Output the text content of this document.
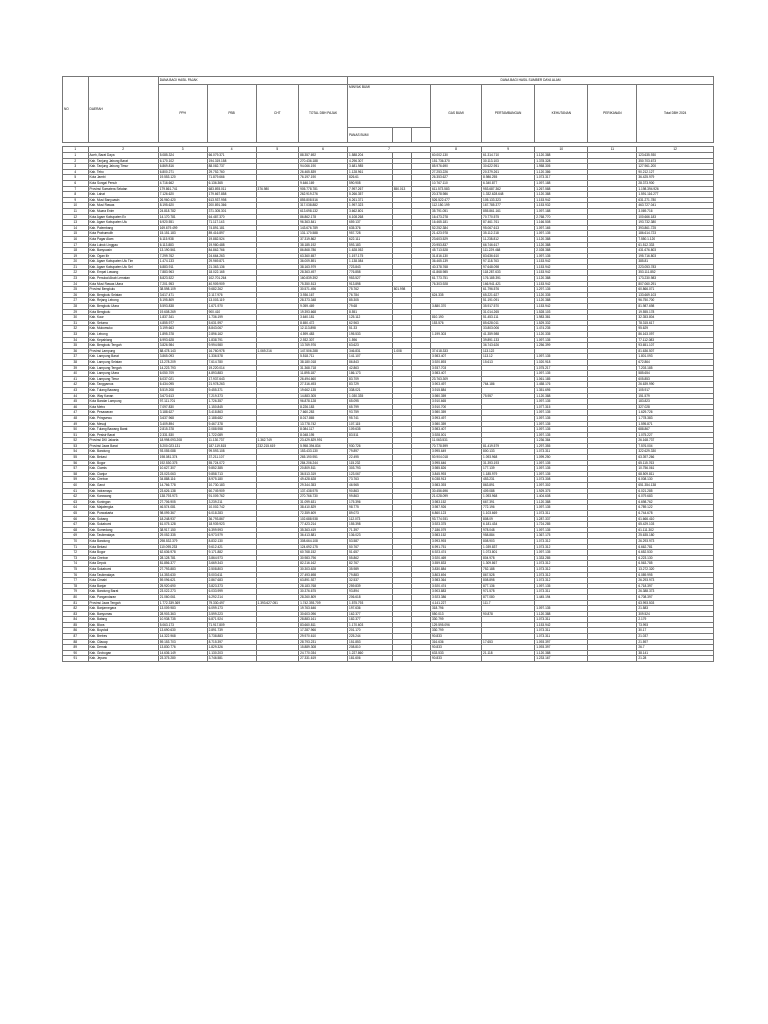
NO	DAERAH	DANA BAGI HASIL PAJAK				DANA BAGI HASIL SUMBER DAYA ALAM							
		PPH	PBB	CHT	TOTAL DBH PAJAK	MINYAK BUMI			GAS BUMI	PERTAMBANGAN	KEHUTANAN	PERIKANAN	Total DBH 2024
						PANAS BUMI							

1	2	3	4	5	6	7			8	9	10	11	12
1	Aceh, Barat Daya	5.085.324	66.079.371		88.357.692	1.588.204			60.002.130	61.314.710	1.120.388		123.635.930
2	Kab. Tanjung Jabung Barat	6.170.102	194.319.158		270.436.188	4.296.307			151.736.370	30.113.103	1.378.328		350.703.673
3	Kab. Tanjung Jabung Timur	6.869.816	88.082.737		94.066.190	3.681.985			85.976.690	30.622.951	1.958.305		127.961.200
4	Kab. Tebo	6.800.271	29.752.760		26.465.839	1.128.961			27.253.226	20.379.261	1.120.386		90.212.127
5	Kota Jambi	19.553.120	71.879.666		76.197.190	826.61			26.353.627	8.986.255	1.073.317		36.425.979
6	Kota Sungai Penuh	4.716.662	6.136.365		9.646.169	590.908			10.767.110	6.340.877	1.097.188		28.373.900
7	Provinsi Sumatera Selatan	179.861.741	683.893.011	376.980	905.778.781	7.997.267	850.013		611.573.583	953.687.362	1.267.588		1.198.394.926
8	Kab. Lahat	7.126.620	179.667.858		262.919.276	5.266.357			20.378.986	1.332.628.648	1.120.388		1.591.116.277
9	Kab. Musi Banyuasin	26.960.420	613.937.998		855.808.516	6.261.371			526.522.477	105.133.323	1.153.942		631.271.780
10	Kab. Musi Rawas	8.195.620	200.891.366		317.038.882	1.997.323			112.150.199	167.785.377	1.153.932		463.727.041
11	Kab. Muara Enim	24.818.782	371.305.301		613.698.132	3.662.801			35.791.051	855.861.161	1.097.188		3.069.716
12	Kota Agam Kabupaten Ex	14.170.781	64.487.370		86.862.178	6.108.268			16.473.278	70.770.575	2.768.770		100.666.183
13	Kab. Agam Kabupaten Ulu	6.920.551	71.117.143		96.363.841	659.137			16.465.181	87.461.761	1.166.508		193.732.380
14	Kab. Palembang	169.679.499	74.891.181		143.676.789	635.376			52.252.384	95.067.613	1.097.165		393.861.725
15	Kota Prabumulih	15.151.183	89.416.897		131.170.588	957.728			21.423.978	35.112.218	1.097.135		186.614.723
16	Kota Pagar Alam	6.115.938	19.882.524		37.319.862	622.111			23.603.529	11.238.812	1.120.388		7.550.1.120
17	Kota Lubuk Linggau	6.113.883	19.980.488		38.185.192	593.183			20.953.837	66.746.617	1.120.388		61.512.333
18	Kab. Banyuasin	13.190.561	84.862.766		86.868.786	1.628.052			45.713.528	111.229.468	2.028.388		431.676.803
19	Kab. Ogan Ilir	7.299.762	24.664.263		63.360.657	1.197.175			31.816.130	83.636.610	1.097.135		195.716.803
20	Kab. Agam Kabupaten Ulu Tim	1.474.133	29.969.871		36.009.891	1.138.084			36.465.139	97.118.763	1.153.942		385.81
21	Kab. Agam Kabupaten Ulu Sel	6.883.911	21.363.136		38.163.979	723.843			40.378.768	97.648.098	1.153.942		223.053.783
22	Kab. Empat Lawang	7.883.963	18.022.165		28.363.497	776.858			41.868.985	118.287.633	1.153.942		353.111.852
23	Kab. Penukal Abab Lematan	8.823.522	102.701.264		160.839.392	953.527			61.773.751	176.185.391	1.120.388		173.230.983
24	Kota Musi Rawas Utara	7.201.953	40.909.909		75.350.513	913.898			76.303.928	166.941.421	1.153.942		807.060.291
25	Provinsi Bengkulu	38.598.109	9.682.262		30.571.496	75.762	801.998			61.796.576	1.297.135		60.866.071
26	Kab. Bengkulu Selatan	3.617.471	2.117.976		3.936.167	76.784			624.335	65.221.627	1.120.335		133.669.103
27	Kab. Rejang Lebong	5.195.809	13.003.119		28.373.348	85.305				51.191.091	1.120.388		96.750.700
28	Kab. Bengkulu Utara	5.593.838	1.671.970		9.059.469	79.68			3.880.370	35.917.570	1.153.942		81.987.698
29	Kota Bengkulu	19.608.269	900.410		19.393.668	8.551				31.014.265	1.528.103		19.555.178
30	Kab. Kaur	1.837.341	1.736.199		3.640.181	125.112			810.190	51.453.111	1.983.381		32.353.804
31	Kab. Seluma	4.855.977	5.631.997		8.650.472	62.963			153.576	85.628.011	1.529.332		78.315.617
32	Kab. Mukomuko	3.199.663	8.843.067		12.113.898	51.33				33.803.006	1.474.235		95.629
33	Kab. Lebong	1.895.378	2.896.162		4.599.483	195.533			1.199.303	41.359.988	1.120.335		86.163.097
34	Kab. Kepahiang	6.993.628	1.838.791		2.932.307	1.596				39.891.133	1.097.135		77.112.083
35	Kab. Bengkulu Tengah	3.826.984	9.994.980		13.769.976	63.623				36.743.626	1.256.399		93.651.107
36	Provinsi Lampung	88.478.143	16.760.978	1.069.216	147.506.288	346.831	1.008		37.618.333	113.122			81.636.507
37	Kab. Lampung Barat	3.865.093	1.336.578		5.518.711	141.107			3.983.407	113.12	1.097.135		1.801.093
38	Kab. Lampung Selatan	13.278.209	7.614.780		38.180.018	86.843			3.920.893	15.613	1.020.918		672.864
39	Kab. Lampung Tengah	14.223.793	19.220.014		31.368.718	42.863			3.937.703		1.075.217		7.203.185
40	Kab. Lampung Utara	6.050.709	4.893.883		11.895.187	186.173			3.983.407		1.097.135		585.654
41	Kab. Lampung Timur	6.037.021	17.937.643		26.494.660	83.709			23.763.309		1.061.185		605.853
42	Kab. Tanggamus	6.434.095	21.978.263		27.316.493	83.729			3.903.497	764.186	1.458.176		26.639.990
43	Kab. Tulang Bawang	5.519.208	9.455.371		19.662.135	338.021			3.915.884		1.351.695		105.917
44	Kab. Way Kanan	3.673.613	7.219.373		14.883.305	1.030.335			3.980.359	75.957	1.120.388		151.579
45	Kota Bandar Lampung	97.111.701	1.726.357		96.878.128	65.095			3.910.665		1.097.135		183.823
46	Kota Metro	7.097.830	1.150.845		8.226.183	65.799			3.910.700		1.077.315		327.028
47	Kab. Pesawaran	3.188.627	3.418.863		7.660.283	93.759			3.980.359		1.097.135		1.629.726
48	Kab. Pringsewu	3.637.968	2.188.682		8.017.865	95.741			3.993.497		1.097.135		1.778.383
49	Kab. Mesuji	3.409.894	9.467.378		13.778.742	107.115			3.980.359		1.097.135		1.595.871
50	Kab. Tulang Bawang Barat	2.815.378	2.088.958		8.084.117	109.635			3.983.407		1.097.135		688.867
51	Kab. Pesisir Barat	2.331.530	1.722.089		8.048.195	83.511			3.928.001		1.097.135		1.075.227
52	Provinsi DKI Jakarta	18.998.093.208	11.130.737	1.362.749	23.429.829.991				11.063.531		1.236.384		26.168.737
53	Provinsi Jawa Barat	5.200.023.131	187.119.815	232.215.619	5.958.394.834	930.726			70.778.599	81.419.579	1.297.355		7.576.004
54	Kab. Bandung	93.055.088	99.593.108		153.433.130	79.897			3.995.649	800.133	1.073.311		322.629.330
55	Kab. Bekasi	198.081.374	37.211.107		265.190.951	22.495			50.904.018	1.093.968	1.099.250		63.397.266
56	Kab. Bogor	192.530.375	55.724.072		284.206.244	115.232			3.995.646	31.393.193	1.097.135		65.115.763
57	Kab. Ciamis	10.627.307	9.852.385		20.809.511	303.793			3.985.826	177.139	1.097.135		10.756.061
58	Kab. Cianjur	23.023.063	9.858.713		36.513.319	123.067			3.845.993	1.185.979	1.097.135		68.509.811
59	Kab. Cirebon	34.888.116	8.975.180		49.428.628	73.763			6.038.913	453.231	1.073.308		6.008.130
60	Kab. Garut	14.766.778	10.730.183		29.344.353	46.965			3.983.393	863.891	1.097.302		651.354.138
61	Kab. Indramayu	23.626.138	60.749.909		137.438.975	90.863			30.456.696	409.088	1.929.375		6.021.285
62	Kab. Karawang	138.793.973	91.009.762		270.766.730	99.863			21.028.099	1.093.968	1.404.608		6.079.683
63	Kab. Kuningan	27.706.905	3.239.211		31.099.631	175.396			3.983.152	667.391	1.120.388		6.698.762
64	Kab. Majalengka	46.574.081	10.002.742		38.410.829	98.775			3.987.926	772.196	1.097.135		6.789.122
65	Kab. Purwakarta	98.099.367	6.018.283		72.359.609	89.073			6.860.123	1.103.669	1.073.311		6.744.678
66	Kab. Subang	18.248.937	36.793.867		102.688.938	112.073			93.774.931	808.09	1.287.337		61.666.410
67	Kab. Sukabumi	61.075.128	18.939.923		77.423.214	155.398			3.923.375	6.181.434	1.724.285		65.429.103
68	Kab. Sumedang	38.917.150	6.399.993		35.363.419	71.397			7.186.079	978.048	1.097.135		61.111.302
69	Kab. Tasikmalaya	29.052.335	6.973.979		36.413.881	136.023			3.983.152	958.884	1.367.175		25.635.180
70	Kota Bandung	298.532.379	8.832.130		308.664.108	53.587			3.993.993	808.903	1.073.312		26.293.973
71	Kota Bekasi	110.095.233	9.612.421		124.692.175	50.767			6.991.751	1.039.837	1.073.312		6.662.781
72	Kota Bogor	62.636.978	9.171.882		60.768.152	51.657			6.923.474	1.073.801	1.097.135		6.652.530
73	Kota Cirebon	28.128.781	3.864.973		30.983.796	55.862			3.920.469	804.978	1.333.285		6.223.130
74	Kota Depok	81.856.377	3.669.343		82.216.162	82.767			3.559.833	1.309.867	1.073.312		6.563.785
75	Kota Sukabumi	27.793.883	2.508.803		30.303.628	35.989			3.830.884	752.188	1.073.312		13.272.320
76	Kota Tasikmalaya	14.353.630	5.003.611		27.493.698	79.883			3.803.694	867.528	1.073.312		6.089.995
77	Kota Cimahi	59.096.621	2.867.683		63.891.927	32.537			3.983.364	808.898	1.073.312		26.293.973
78	Kota Banjar	25.920.690	3.823.373		28.183.768	259.839			3.920.474	877.136	1.097.135		6.718.397
79	Kab. Bandung Barat	23.022.273	6.033.999		30.376.675	93.894			3.903.883	971.578	1.073.311		26.388.373
80	Kab. Pangandaran	21.060.061	6.292.214		28.260.809	206.618			3.923.386	877.080	1.445.194		6.708.397
81	Provinsi Jawa Tengah	1.772.339.369	79.330.497	1.393.627.051	1.742.393.709	1.575.793			4.141.227	111.7			63.993.503
82	Kab. Banjarnegara	13.009.983	6.099.173		19.763.646	197.636			318.796		1.097.135		21.583
83	Kab. Banyumas	28.903.363	3.599.223		30.603.096	162.377			550.013	90.878	1.120.388		309.524
84	Kab. Batang	10.938.735	6.871.924		28.883.161	182.377			330.799		1.073.311		2.179
85	Kab. Blora	5.063.173	71.917.809		83.660.811	1.170.603			129.595.096		1.153.942		73.993
86	Kab. Boyolali	13.690.630	2.891.739		17.287.966	201.170			330.799		1.073.311		30.17
87	Kab. Brebes	14.322.968	3.738.883		29.970.610	225.244			90.833		1.073.311		21.037
88	Kab. Cilacap	59.153.703	8.715.397		28.793.231	151.853			316.636	17.653	1.093.397		21.597
89	Kab. Demak	13.830.776	1.829.326		15.889.308	208.810			90.833		1.093.397		26.7
90	Kab. Grobogan	14.636.149	1.130.203		24.770.034	1.227.860			633.533	21.118	1.120.388		38.141
91	Kab. Jepara	23.375.280	3.746.581		27.331.619	181.606			90.833		1.233.167		21.28
